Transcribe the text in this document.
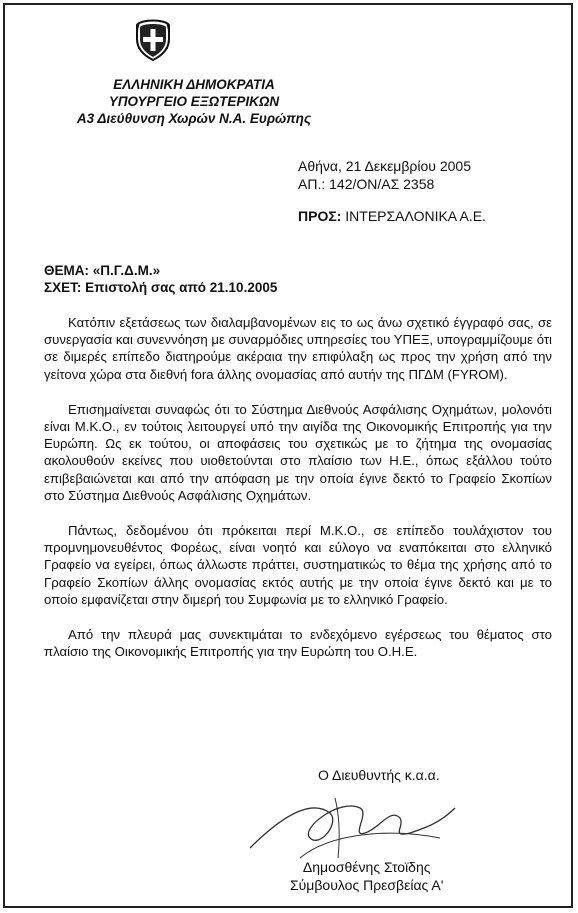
ΕΛΛΗΝΙΚΗ ΔΗΜΟΚΡΑΤΙΑ
ΥΠΟΥΡΓΕΙΟ ΕΞΩΤΕΡΙΚΩΝ
Α3 Διεύθυνση Χωρών Ν.Α. Ευρώπης
Αθήνα, 21 Δεκεμβρίου 2005
ΑΠ.: 142/ΟΝ/ΑΣ 2358
ΠΡΟΣ: ΙΝΤΕΡΣΑΛΟΝΙΚΑ Α.Ε.
ΘΕΜΑ: «Π.Γ.Δ.Μ.»
ΣΧΕΤ: Επιστολή σας από 21.10.2005

Κατόπιν εξετάσεως των διαλαμβανομένων εις το ως άνω σχετικό έγγραφό σας, σε συνεργασία και συνεννόηση με συναρμόδιες υπηρεσίες του ΥΠΕΞ, υπογραμμίζουμε ότι σε διμερές επίπεδο διατηρούμε ακέραια την επιφύλαξη ως προς την χρήση από την γείτονα χώρα στα διεθνή fora άλλης ονομασίας από αυτήν της ΠΓΔΜ (FYROM).

Επισημαίνεται συναφώς ότι το Σύστημα Διεθνούς Ασφάλισης Οχημάτων, μολονότι είναι Μ.Κ.Ο., εν τούτοις λειτουργεί υπό την αιγίδα της Οικονομικής Επιτροπής για την Ευρώπη. Ως εκ τούτου, οι αποφάσεις του σχετικώς με το ζήτημα της ονομασίας ακολουθούν εκείνες που υιοθετούνται στο πλαίσιο των Η.Ε., όπως εξάλλου τούτο επιβεβαιώνεται και από την απόφαση με την οποία έγινε δεκτό το Γραφείο Σκοπίων στο Σύστημα Διεθνούς Ασφάλισης Οχημάτων.

Πάντως, δεδομένου ότι πρόκειται περί Μ.Κ.Ο., σε επίπεδο τουλάχιστον του προμνημονευθέντος Φορέως, είναι νοητό και εύλογο να εναπόκειται στο ελληνικό Γραφείο να εγείρει, όπως άλλωστε πράττει, συστηματικώς το θέμα της χρήσης από το Γραφείο Σκοπίων άλλης ονομασίας εκτός αυτής με την οποία έγινε δεκτό και με το οποίο εμφανίζεται στην διμερή του Συμφωνία με το ελληνικό Γραφείο.

Από την πλευρά μας συνεκτιμάται το ενδεχόμενο εγέρσεως του θέματος στο πλαίσιο της Οικονομικής Επιτροπής για την Ευρώπη του Ο.Η.Ε.

Ο Διευθυντής κ.α.α.
Δημοσθένης Στοϊδης
Σύμβουλος Πρεσβείας Α'
